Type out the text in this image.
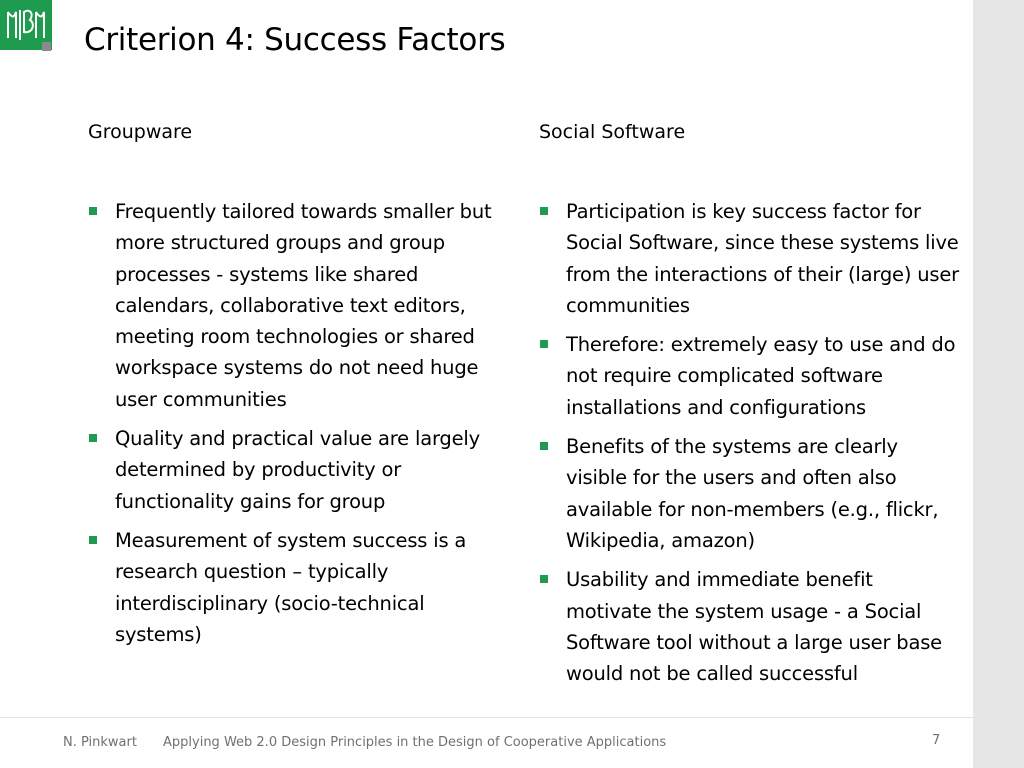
Criterion 4: Success Factors
Groupware
Frequently tailored towards smaller but more structured groups and group processes - systems like shared calendars, collaborative text editors, meeting room technologies or shared workspace systems do not need huge user communities
Quality and practical value are largely determined by productivity or functionality gains for group
Measurement of system success is a research question – typically interdisciplinary (socio-technical systems)
Social Software
Participation is key success factor for Social Software, since these systems live from the interactions of their (large) user communities
Therefore: extremely easy to use and do not require complicated software installations and configurations
Benefits of the systems are clearly visible for the users and often also available for non-members (e.g., flickr, Wikipedia, amazon)
Usability and immediate benefit motivate the system usage - a Social Software tool without a large user base would not be called successful
N. Pinkwart Applying Web 2.0 Design Principles in the Design of Cooperative Applications	7
